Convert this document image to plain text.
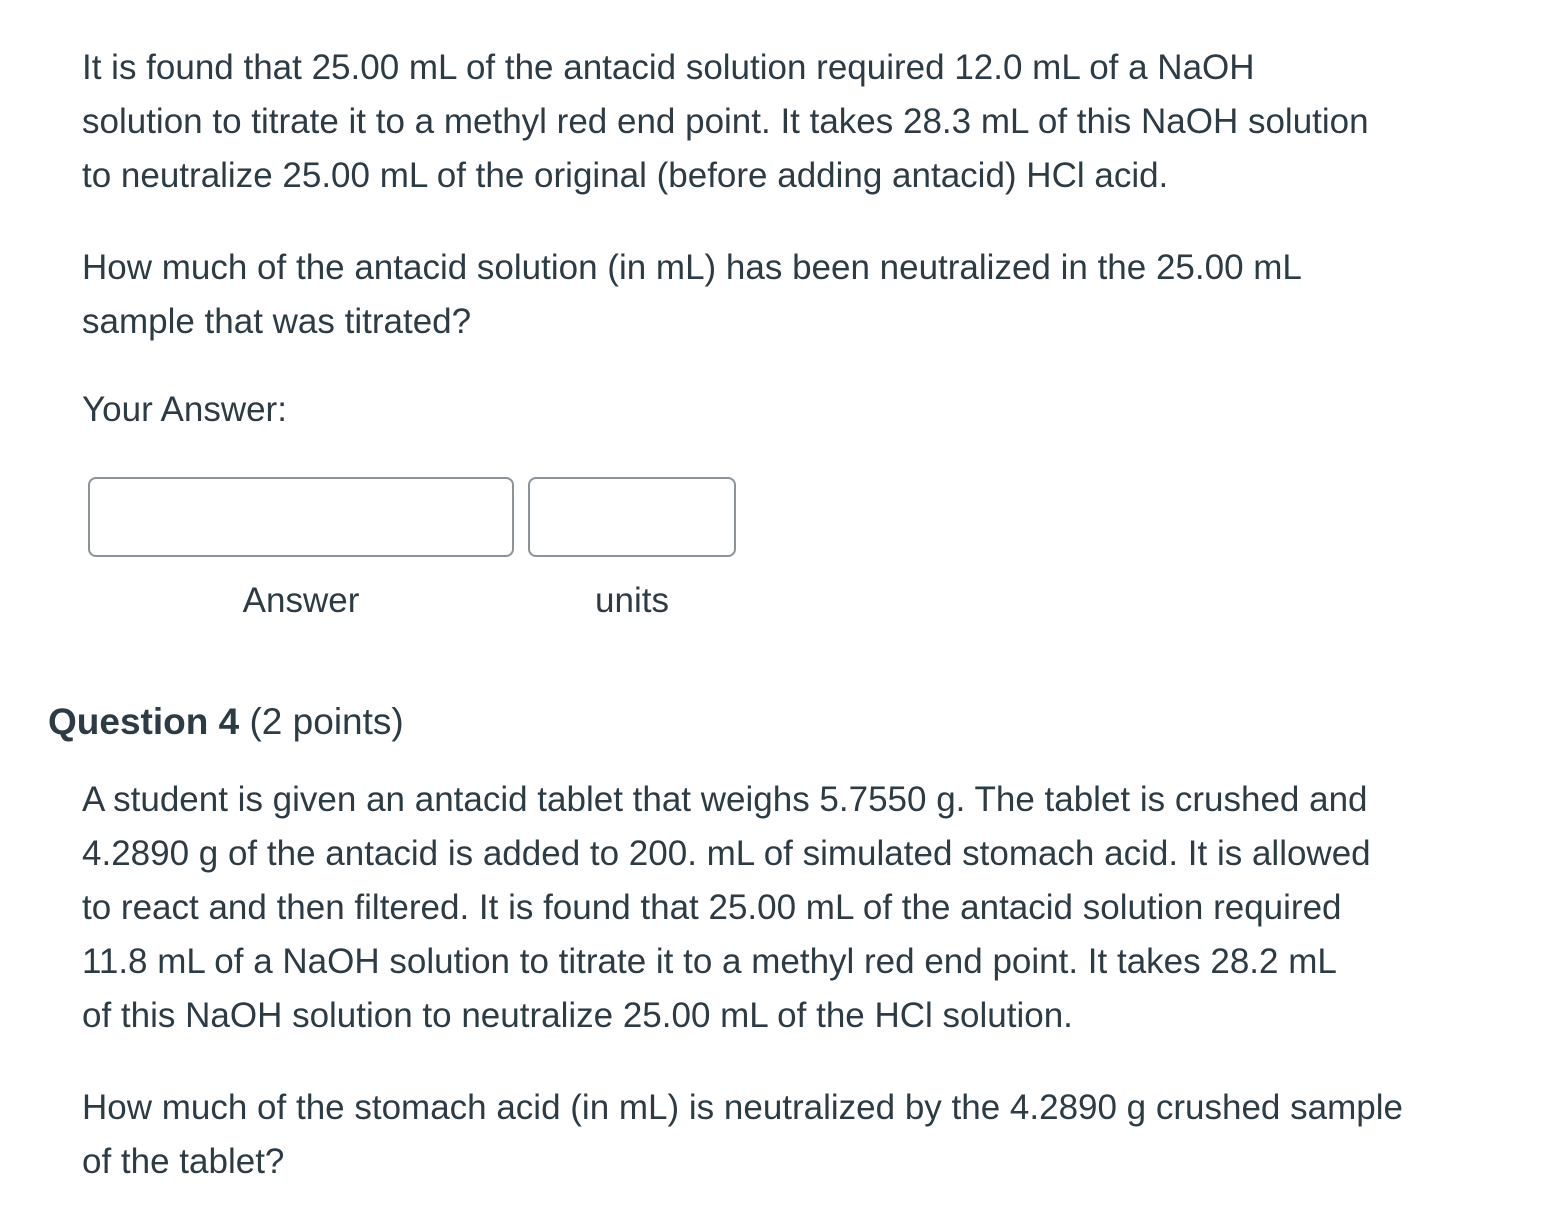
It is found that 25.00 mL of the antacid solution required 12.0 mL of a NaOH
solution to titrate it to a methyl red end point. It takes 28.3 mL of this NaOH solution
to neutralize 25.00 mL of the original (before adding antacid) HCl acid.

How much of the antacid solution (in mL) has been neutralized in the 25.00 mL
sample that was titrated?

Your Answer:

Answer	units
Question 4 (2 points)

A student is given an antacid tablet that weighs 5.7550 g. The tablet is crushed and
4.2890 g of the antacid is added to 200. mL of simulated stomach acid. It is allowed
to react and then filtered. It is found that 25.00 mL of the antacid solution required
11.8 mL of a NaOH solution to titrate it to a methyl red end point. It takes 28.2 mL
of this NaOH solution to neutralize 25.00 mL of the HCl solution.

How much of the stomach acid (in mL) is neutralized by the 4.2890 g crushed sample
of the tablet?
